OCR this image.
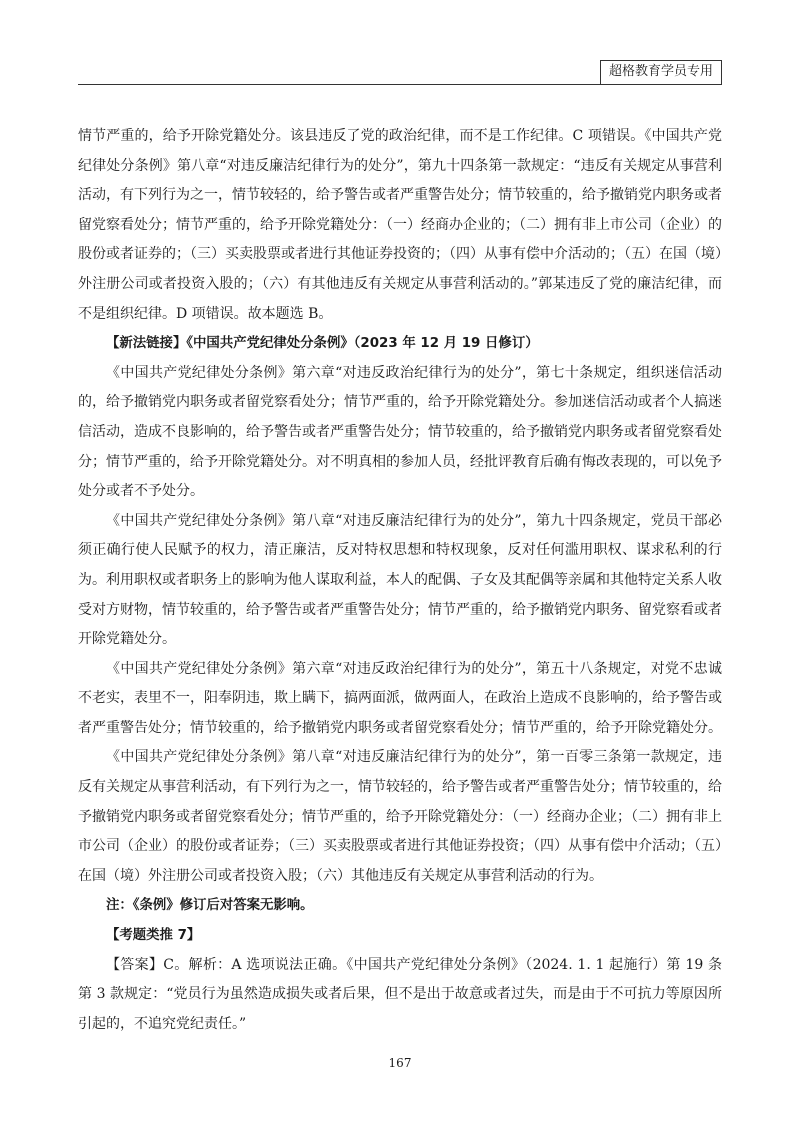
超格教育学员专用

情节严重的，给予开除党籍处分。该县违反了党的政治纪律，而不是工作纪律。C 项错误。《中国共产党纪律处分条例》第八章“对违反廉洁纪律行为的处分”，第九十四条第一款规定：“违反有关规定从事营利活动，有下列行为之一，情节较轻的，给予警告或者严重警告处分；情节较重的，给予撤销党内职务或者留党察看处分；情节严重的，给予开除党籍处分：（一）经商办企业的；（二）拥有非上市公司（企业）的股份或者证券的；（三）买卖股票或者进行其他证券投资的；（四）从事有偿中介活动的；（五）在国（境）外注册公司或者投资入股的；（六）有其他违反有关规定从事营利活动的。”郭某违反了党的廉洁纪律，而不是组织纪律。D 项错误。故本题选 B。

【新法链接】《中国共产党纪律处分条例》（2023 年 12 月 19 日修订）

《中国共产党纪律处分条例》第六章“对违反政治纪律行为的处分”，第七十条规定，组织迷信活动的，给予撤销党内职务或者留党察看处分；情节严重的，给予开除党籍处分。参加迷信活动或者个人搞迷信活动，造成不良影响的，给予警告或者严重警告处分；情节较重的，给予撤销党内职务或者留党察看处分；情节严重的，给予开除党籍处分。对不明真相的参加人员，经批评教育后确有悔改表现的，可以免予处分或者不予处分。

《中国共产党纪律处分条例》第八章“对违反廉洁纪律行为的处分”，第九十四条规定，党员干部必须正确行使人民赋予的权力，清正廉洁，反对特权思想和特权现象，反对任何滥用职权、谋求私利的行为。利用职权或者职务上的影响为他人谋取利益，本人的配偶、子女及其配偶等亲属和其他特定关系人收受对方财物，情节较重的，给予警告或者严重警告处分；情节严重的，给予撤销党内职务、留党察看或者开除党籍处分。

《中国共产党纪律处分条例》第六章“对违反政治纪律行为的处分”，第五十八条规定，对党不忠诚不老实，表里不一，阳奉阴违，欺上瞒下，搞两面派，做两面人，在政治上造成不良影响的，给予警告或者严重警告处分；情节较重的，给予撤销党内职务或者留党察看处分；情节严重的，给予开除党籍处分。

《中国共产党纪律处分条例》第八章“对违反廉洁纪律行为的处分”，第一百零三条第一款规定，违反有关规定从事营利活动，有下列行为之一，情节较轻的，给予警告或者严重警告处分；情节较重的，给予撤销党内职务或者留党察看处分；情节严重的，给予开除党籍处分：（一）经商办企业；（二）拥有非上市公司（企业）的股份或者证券；（三）买卖股票或者进行其他证券投资；（四）从事有偿中介活动；（五）在国（境）外注册公司或者投资入股；（六）其他违反有关规定从事营利活动的行为。

注：《条例》修订后对答案无影响。

【考题类推 7】

【答案】C。解析：A 选项说法正确。《中国共产党纪律处分条例》（2024. 1. 1 起施行）第 19 条第 3 款规定：“党员行为虽然造成损失或者后果，但不是出于故意或者过失，而是由于不可抗力等原因所引起的，不追究党纪责任。”

167
